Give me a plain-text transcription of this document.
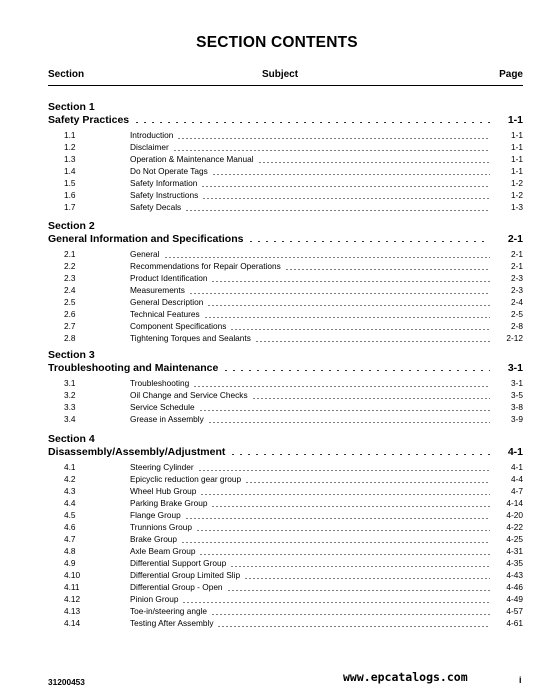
SECTION CONTENTS
Section	Subject	Page
Section 1
Safety Practices	1-1
1.1	Introduction	1-1
1.2	Disclaimer	1-1
1.3	Operation & Maintenance Manual	1-1
1.4	Do Not Operate Tags	1-1
1.5	Safety Information	1-2
1.6	Safety Instructions	1-2
1.7	Safety Decals	1-3
Section 2
General Information and Specifications	2-1
2.1	General	2-1
2.2	Recommendations for Repair Operations	2-1
2.3	Product Identification	2-3
2.4	Measurements	2-3
2.5	General Description	2-4
2.6	Technical Features	2-5
2.7	Component Specifications	2-8
2.8	Tightening Torques and Sealants	2-12
Section 3
Troubleshooting and Maintenance	3-1
3.1	Troubleshooting	3-1
3.2	Oil Change and Service Checks	3-5
3.3	Service Schedule	3-8
3.4	Grease in Assembly	3-9
Section 4
Disassembly/Assembly/Adjustment	4-1
4.1	Steering Cylinder	4-1
4.2	Epicyclic reduction gear group	4-4
4.3	Wheel Hub Group	4-7
4.4	Parking Brake Group	4-14
4.5	Flange Group	4-20
4.6	Trunnions Group	4-22
4.7	Brake Group	4-25
4.8	Axle Beam Group	4-31
4.9	Differential Support Group	4-35
4.10	Differential Group Limited Slip	4-43
4.11	Differential Group - Open	4-46
4.12	Pinion Group	4-49
4.13	Toe-in/steering angle	4-57
4.14	Testing After Assembly	4-61
31200453	www.epcatalogs.com	i
